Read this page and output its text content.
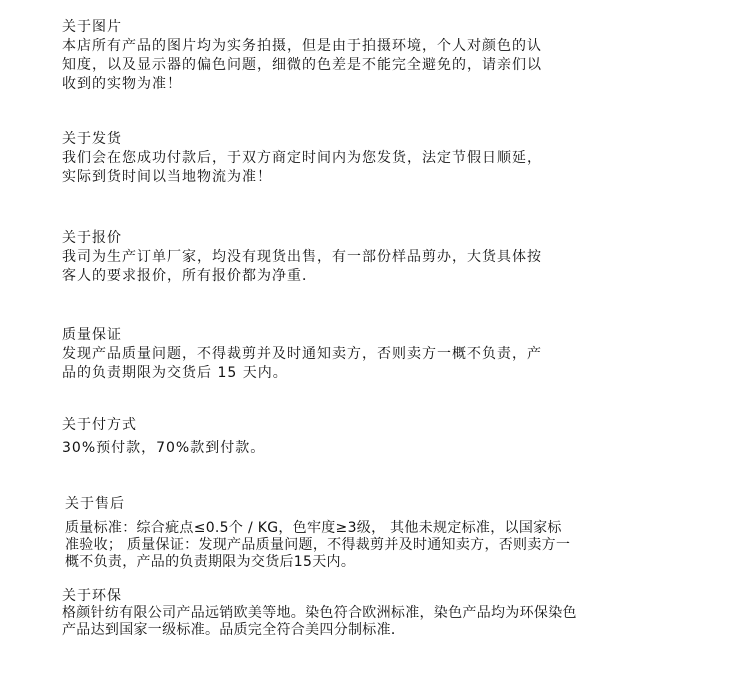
关于图片

本店所有产品的图片均为实务拍摄，但是由于拍摄环境，个人对颜色的认

知度，以及显示器的偏色问题，细微的色差是不能完全避免的，请亲们以

收到的实物为准！

关于发货

我们会在您成功付款后，于双方商定时间内为您发货，法定节假日顺延，

实际到货时间以当地物流为准！

关于报价

我司为生产订单厂家，均没有现货出售，有一部份样品剪办，大货具体按

客人的要求报价，所有报价都为净重．

质量保证

发现产品质量问题，不得裁剪并及时通知卖方，否则卖方一概不负责，产

品的负责期限为交货后 15 天内。

关于付方式

30%预付款，70%款到付款。

关于售后

质量标准：综合疵点≤0.5个 / KG，色牢度≥3级， 其他未规定标准，以国家标

准验收； 质量保证：发现产品质量问题，不得裁剪并及时通知卖方，否则卖方一

概不负责，产品的负责期限为交货后15天内。

关于环保

格颜针纺有限公司产品远销欧美等地。染色符合欧洲标准，染色产品均为环保染色

产品达到国家一级标准。品质完全符合美四分制标准．
